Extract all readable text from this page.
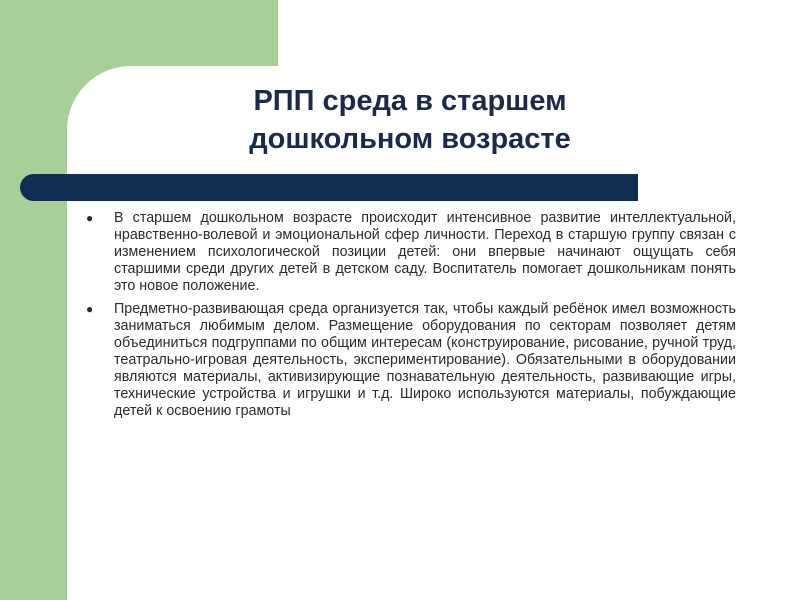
РПП среда в старшем
дошкольном возрасте
● В старшем дошкольном возрасте происходит интенсивное развитие интеллектуальной, нравственно-волевой и эмоциональной сфер личности. Переход в старшую группу связан с изменением психологической позиции детей: они впервые начинают ощущать себя старшими среди других детей в детском саду. Воспитатель помогает дошкольникам понять это новое положение.
● Предметно-развивающая среда организуется так, чтобы каждый ребёнок имел возможность заниматься любимым делом. Размещение оборудования по секторам позволяет детям объединиться подгруппами по общим интересам (конструирование, рисование, ручной труд, театрально-игровая деятельность, экспериментирование). Обязательными в оборудовании являются материалы, активизирующие познавательную деятельность, развивающие игры, технические устройства и игрушки и т.д. Широко используются материалы, побуждающие детей к освоению грамоты
